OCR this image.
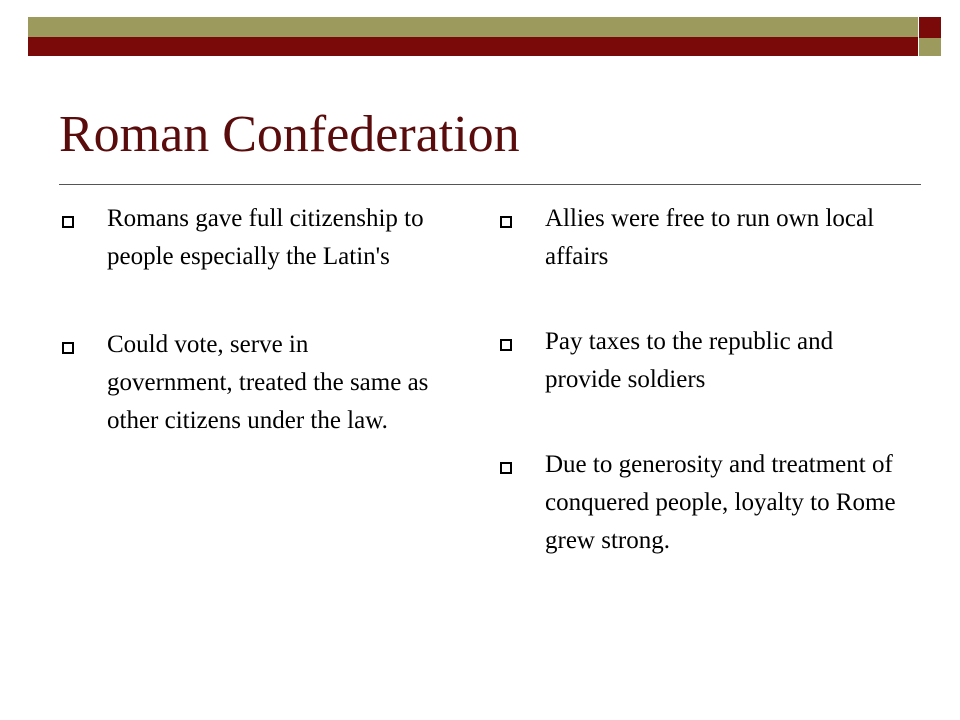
Roman Confederation
Romans gave full citizenship to people especially the Latin's
Could vote, serve in government, treated the same as other citizens under the law.
Allies were free to run own local affairs
Pay taxes to the republic and provide soldiers
Due to generosity and treatment of conquered people, loyalty to Rome grew strong.
